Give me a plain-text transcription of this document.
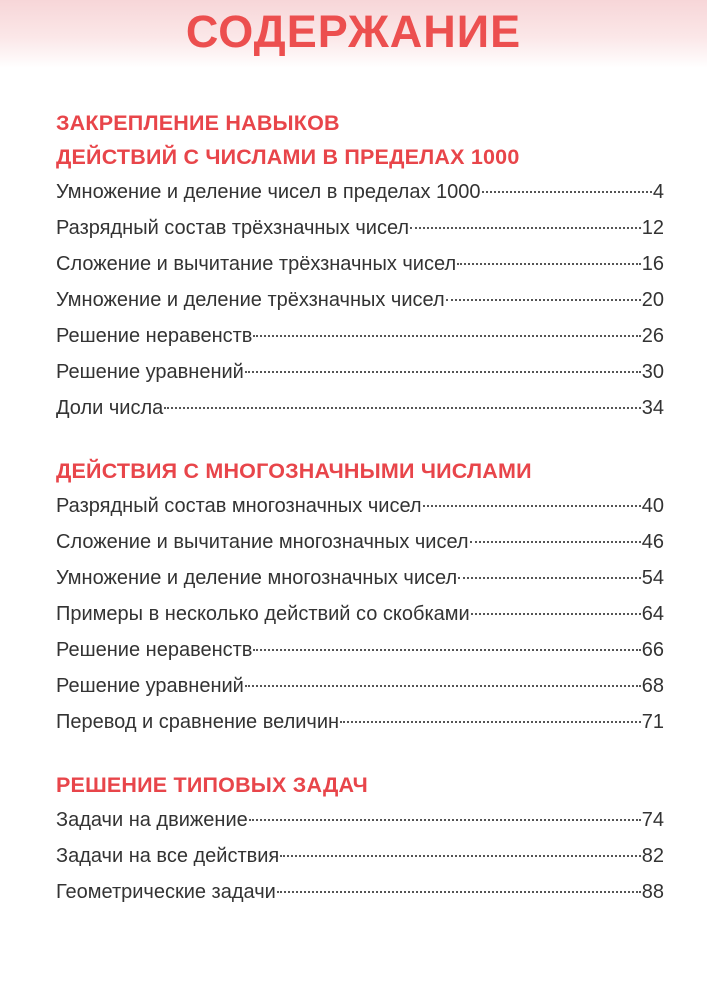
СОДЕРЖАНИЕ
ЗАКРЕПЛЕНИЕ НАВЫКОВ
ДЕЙСТВИЙ С ЧИСЛАМИ В ПРЕДЕЛАХ 1000
Умножение и деление чисел в пределах 1000	4
Разрядный состав трёхзначных чисел	12
Сложение и вычитание трёхзначных чисел	16
Умножение и деление трёхзначных чисел	20
Решение неравенств	26
Решение уравнений	30
Доли числа	34
ДЕЙСТВИЯ С МНОГОЗНАЧНЫМИ ЧИСЛАМИ
Разрядный состав многозначных чисел	40
Сложение и вычитание многозначных чисел	46
Умножение и деление многозначных чисел	54
Примеры в несколько действий со скобками	64
Решение неравенств	66
Решение уравнений	68
Перевод и сравнение величин	71
РЕШЕНИЕ ТИПОВЫХ ЗАДАЧ
Задачи на движение	74
Задачи на все действия	82
Геометрические задачи	88
